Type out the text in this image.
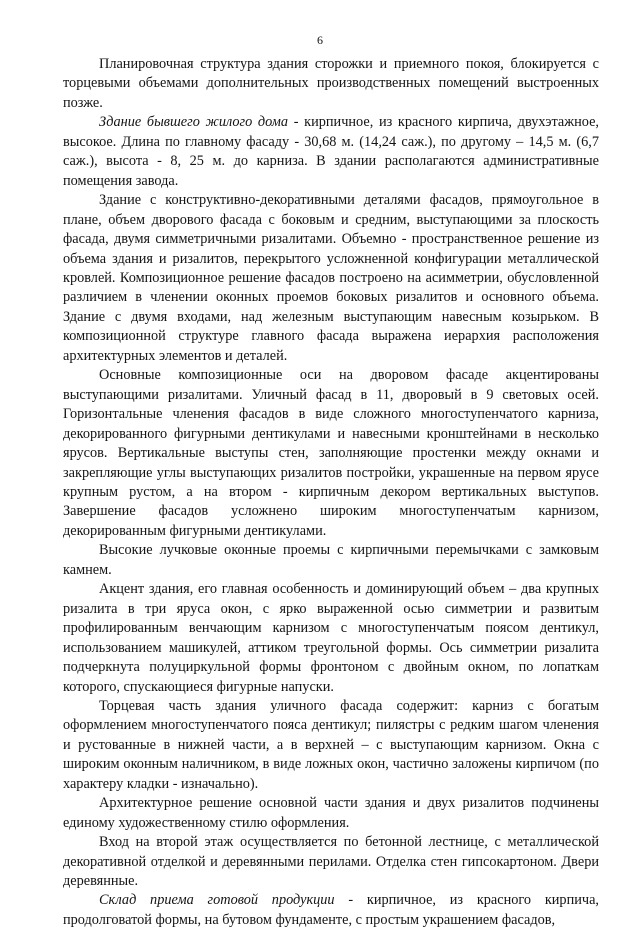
6

Планировочная структура здания сторожки и приемного покоя, блокируется с торцевыми объемами дополнительных производственных помещений выстроенных позже.

Здание бывшего жилого дома - кирпичное, из красного кирпича, двухэтажное, высокое. Длина по главному фасаду - 30,68 м. (14,24 саж.), по другому – 14,5 м. (6,7 саж.), высота - 8, 25 м. до карниза. В здании располагаются административные помещения завода.

Здание с конструктивно-декоративными деталями фасадов, прямоугольное в плане, объем дворового фасада с боковым и средним, выступающими за плоскость фасада, двумя симметричными ризалитами. Объемно - пространственное решение из объема здания и ризалитов, перекрытого усложненной конфигурации металлической кровлей. Композиционное решение фасадов построено на асимметрии, обусловленной различием в членении оконных проемов боковых ризалитов и основного объема. Здание с двумя входами, над железным выступающим навесным козырьком. В композиционной структуре главного фасада выражена иерархия расположения архитектурных элементов и деталей.

Основные композиционные оси на дворовом фасаде акцентированы выступающими ризалитами. Уличный фасад в 11, дворовый в 9 световых осей. Горизонтальные членения фасадов в виде сложного многоступенчатого карниза, декорированного фигурными дентикулами и навесными кронштейнами в несколько ярусов. Вертикальные выступы стен, заполняющие простенки между окнами и закрепляющие углы выступающих ризалитов постройки, украшенные на первом ярусе крупным рустом, а на втором - кирпичным декором вертикальных выступов. Завершение фасадов усложнено широким многоступенчатым карнизом, декорированным фигурными дентикулами.

Высокие лучковые оконные проемы с кирпичными перемычками с замковым камнем.

Акцент здания, его главная особенность и доминирующий объем – два крупных ризалита в три яруса окон, с ярко выраженной осью симметрии и развитым профилированным венчающим карнизом с многоступенчатым поясом дентикул, использованием машикулей, аттиком треугольной формы. Ось симметрии ризалита подчеркнута полуциркульной формы фронтоном с двойным окном, по лопаткам которого, спускающиеся фигурные напуски.

Торцевая часть здания уличного фасада содержит: карниз с богатым оформлением многоступенчатого пояса дентикул; пилястры с редким шагом членения и рустованные в нижней части, а в верхней – с выступающим карнизом. Окна с широким оконным наличником, в виде ложных окон, частично заложены кирпичом (по характеру кладки - изначально).

Архитектурное решение основной части здания и двух ризалитов подчинены единому художественному стилю оформления.

Вход на второй этаж осуществляется по бетонной лестнице, с металлической декоративной отделкой и деревянными перилами. Отделка стен гипсокартоном. Двери деревянные.

Склад приема готовой продукции - кирпичное, из красного кирпича, продолговатой формы, на бутовом фундаменте, с простым украшением фасадов,
